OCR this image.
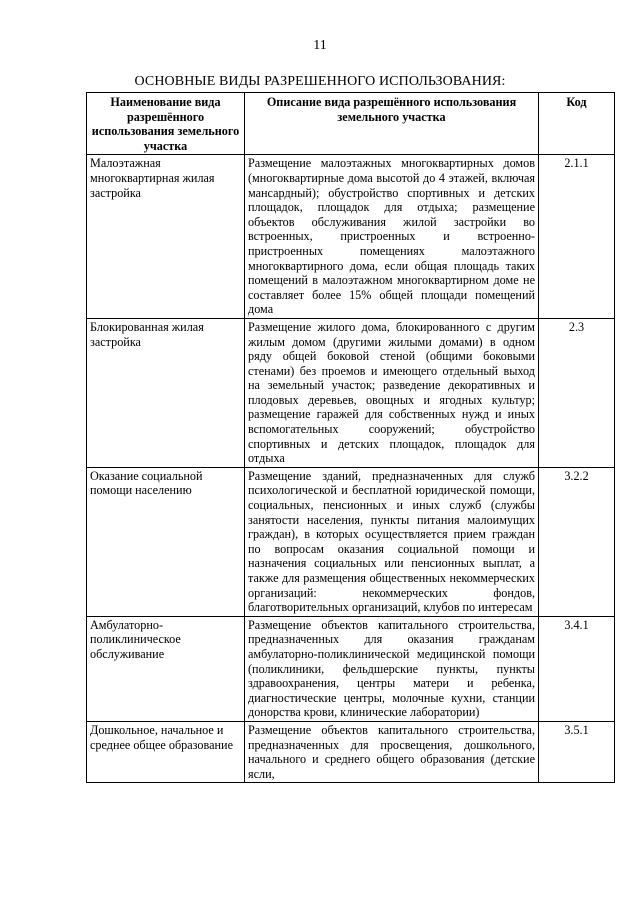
11
ОСНОВНЫЕ ВИДЫ РАЗРЕШЕННОГО ИСПОЛЬЗОВАНИЯ:
Наименование вида разрешённого использования земельного участка	Описание вида разрешённого использования земельного участка	Код
Малоэтажная многоквартирная жилая застройка	Размещение малоэтажных многоквартирных домов (многоквартирные дома высотой до 4 этажей, включая мансардный); обустройство спортивных и детских площадок, площадок для отдыха; размещение объектов обслуживания жилой застройки во встроенных, пристроенных и встроенно-пристроенных помещениях малоэтажного многоквартирного дома, если общая площадь таких помещений в малоэтажном многоквартирном доме не составляет более 15% общей площади помещений дома	2.1.1
Блокированная жилая застройка	Размещение жилого дома, блокированного с другим жилым домом (другими жилыми домами) в одном ряду общей боковой стеной (общими боковыми стенами) без проемов и имеющего отдельный выход на земельный участок; разведение декоративных и плодовых деревьев, овощных и ягодных культур; размещение гаражей для собственных нужд и иных вспомогательных сооружений; обустройство спортивных и детских площадок, площадок для отдыха	2.3
Оказание социальной помощи населению	Размещение зданий, предназначенных для служб психологической и бесплатной юридической помощи, социальных, пенсионных и иных служб (службы занятости населения, пункты питания малоимущих граждан), в которых осуществляется прием граждан по вопросам оказания социальной помощи и назначения социальных или пенсионных выплат, а также для размещения общественных некоммерческих организаций: некоммерческих фондов, благотворительных организаций, клубов по интересам	3.2.2
Амбулаторно-поликлиническое обслуживание	Размещение объектов капитального строительства, предназначенных для оказания гражданам амбулаторно-поликлинической медицинской помощи (поликлиники, фельдшерские пункты, пункты здравоохранения, центры матери и ребенка, диагностические центры, молочные кухни, станции донорства крови, клинические лаборатории)	3.4.1
Дошкольное, начальное и среднее общее образование	Размещение объектов капитального строительства, предназначенных для просвещения, дошкольного, начального и среднего общего образования (детские ясли,	3.5.1
